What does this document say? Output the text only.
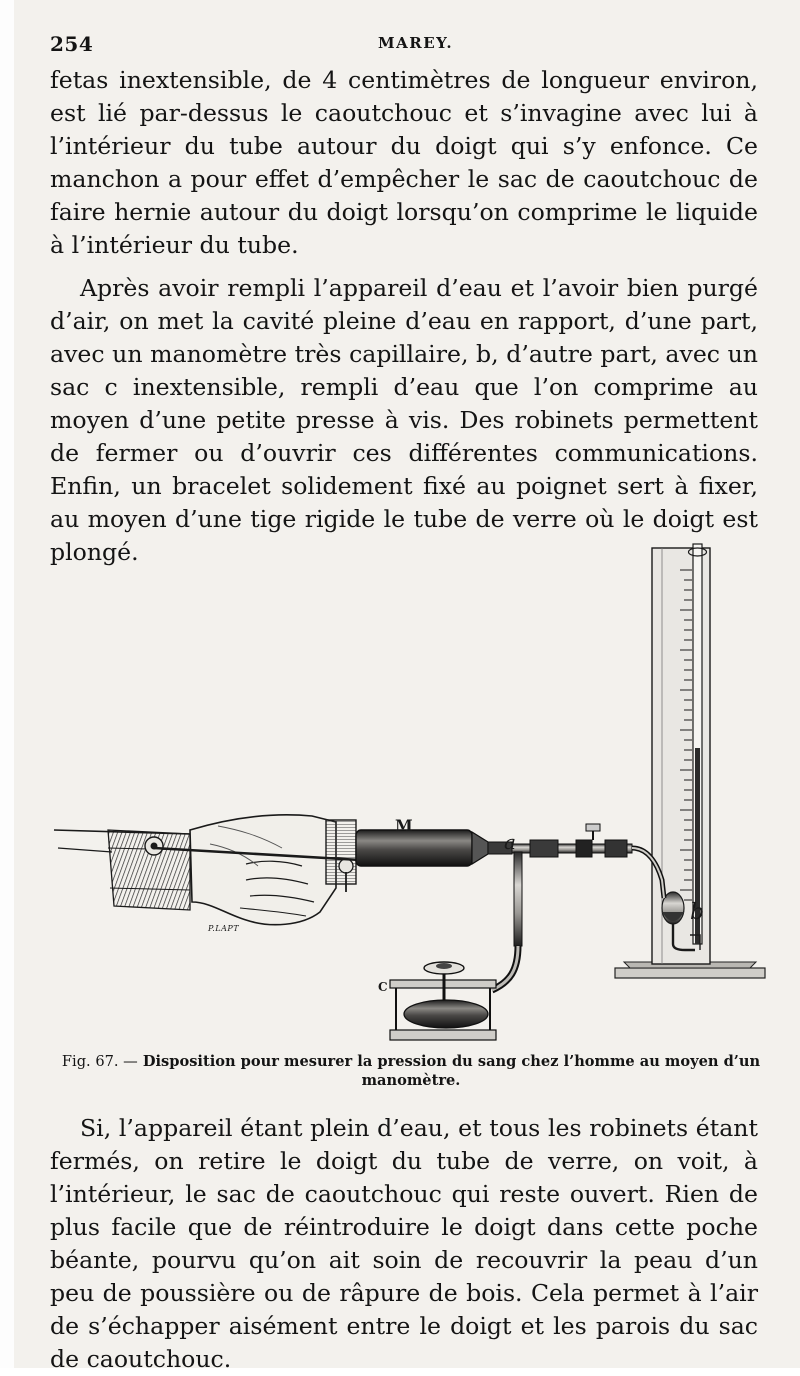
254	MAREY.

fetas inextensible, de 4 centimètres de longueur environ, est lié par-dessus le caoutchouc et s’invagine avec lui à l’intérieur du tube autour du doigt qui s’y enfonce. Ce manchon a pour effet d’empêcher le sac de caoutchouc de faire hernie autour du doigt lorsqu’on comprime le liquide à l’intérieur du tube.

Après avoir rempli l’appareil d’eau et l’avoir bien purgé d’air, on met la cavité pleine d’eau en rapport, d’une part, avec un manomètre très capillaire, b, d’autre part, avec un sac c inextensible, rempli d’eau que l’on comprime au moyen d’une petite presse à vis. Des robinets permettent de fermer ou d’ouvrir ces différentes communications. Enfin, un bracelet solidement fixé au poignet sert à fixer, au moyen d’une tige rigide le tube de verre où le doigt est plongé.

M
a
b
C
P.LAPT
Fig. 67. — Disposition pour mesurer la pression du sang chez l’homme au moyen d’un manomètre.

Si, l’appareil étant plein d’eau, et tous les robinets étant fermés, on retire le doigt du tube de verre, on voit, à l’intérieur, le sac de caoutchouc qui reste ouvert. Rien de plus facile que de réintroduire le doigt dans cette poche béante, pourvu qu’on ait soin de recouvrir la peau d’un peu de poussière ou de râpure de bois. Cela permet à l’air de s’échapper aisément entre le doigt et les parois du sac de caoutchouc.
